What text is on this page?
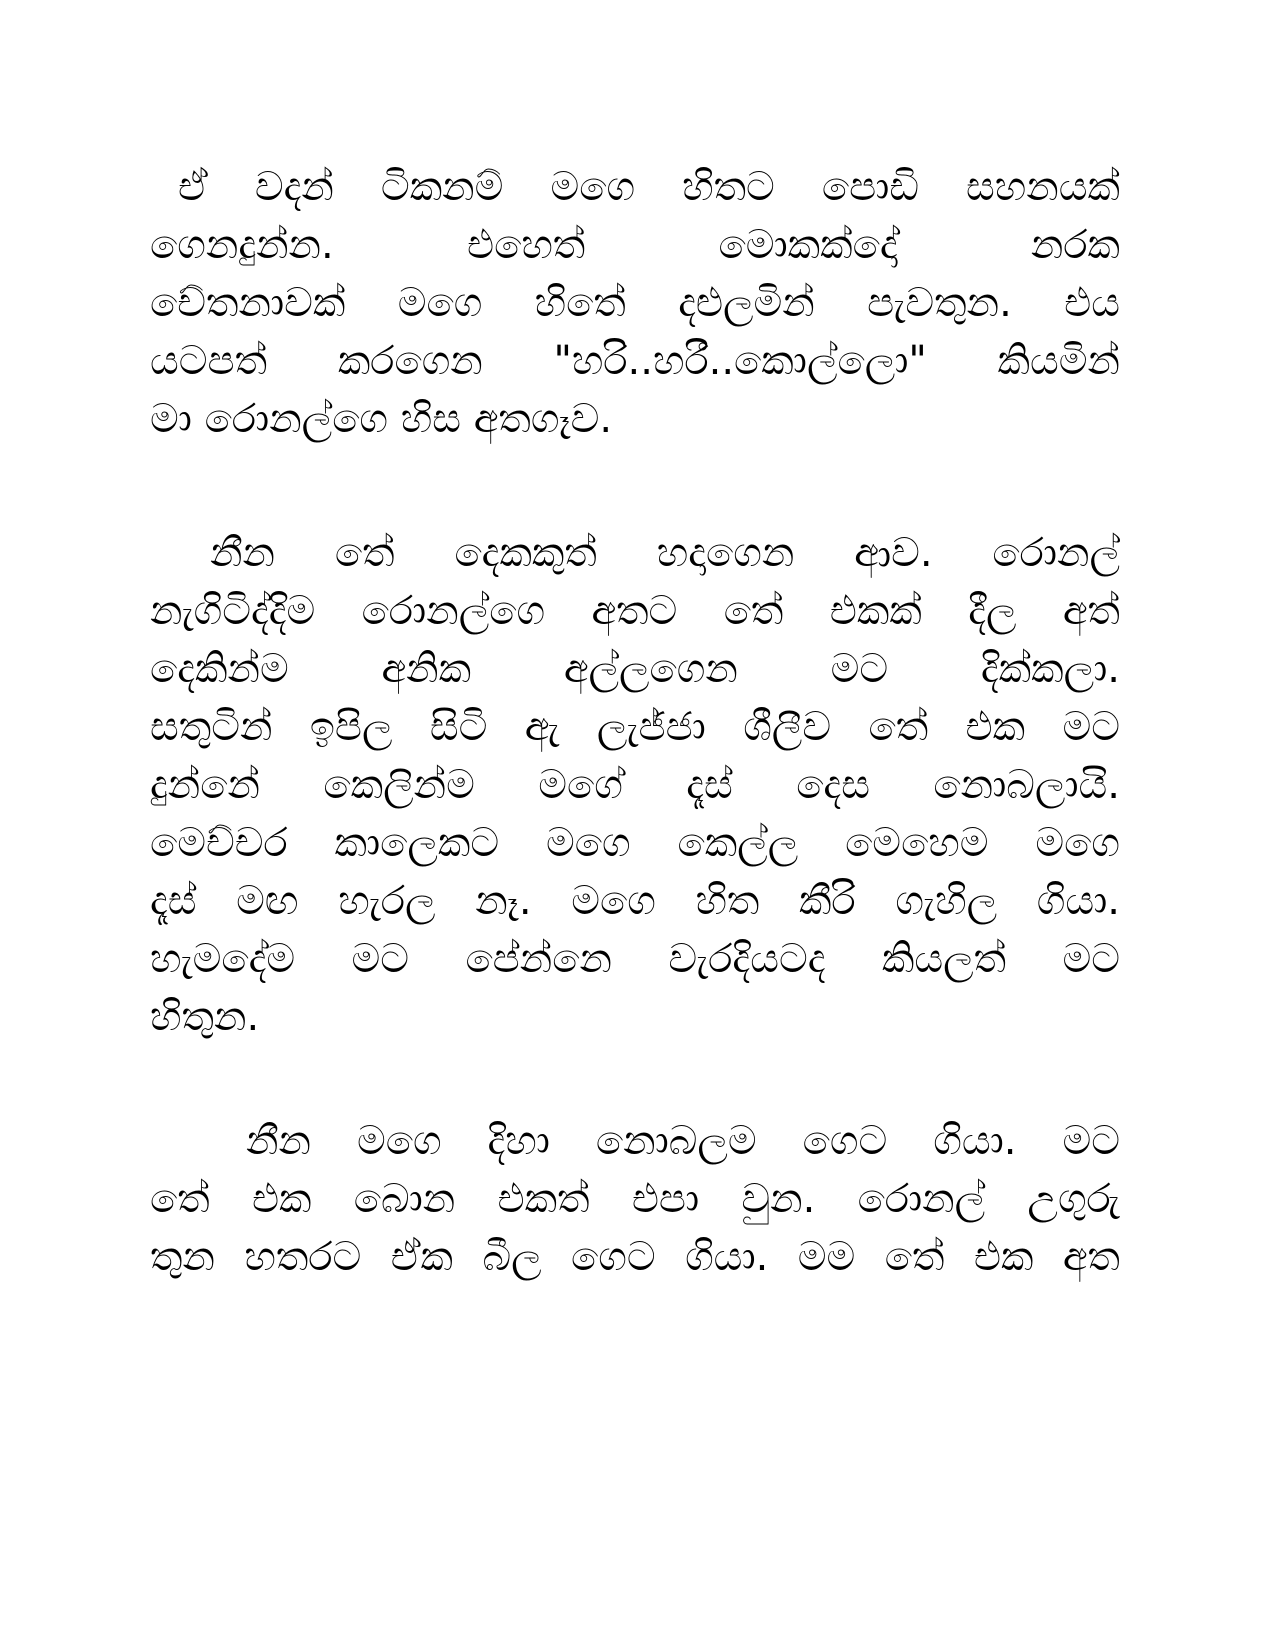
ඒ වදන් ටිකනම් මගෙ හිතට පොඩි සහනයක්
ගෙනදුන්න. එහෙත් මොකක්දෝ නරක
චේතනාවක් මගෙ හිතේ දළුලමින් පැවතුන. එය
යටපත් කරගෙන "හරි..හරී..කොල්ලො" කියමින්
මා රොනල්ගෙ හිස අතගෑව.
නීන තේ දෙකකුත් හදාගෙන ආව. රොනල්
නැගිටිද්දිම රොනල්ගෙ අතට තේ එකක් දීල අත්
දෙකින්ම අනික අල්ලගෙන මට දික්කලා.
සතුටින් ඉපිල සිටි ඇ ලැජ්ජා ශීලීව තේ එක මට
දුන්නේ කෙලින්ම මගේ දෑස් දෙස නොබලායි.
මෙච්චර කාලෙකට මගෙ කෙල්ල මෙහෙම මගෙ
දෑස් මඟ හැරල නෑ. මගෙ හිත කීරි ගැහිල ගියා.
හැමදේම මට පේන්නෙ වැරදියටද කියලත් මට
හිතුන.
නීන මගෙ දිහා නොබලම ගෙට ගියා. මට
තේ එක බොන එකත් එපා වුන. රොනල් උගුරු
තුන හතරට ඒක බීල ගෙට ගියා. මම තේ එක අත
